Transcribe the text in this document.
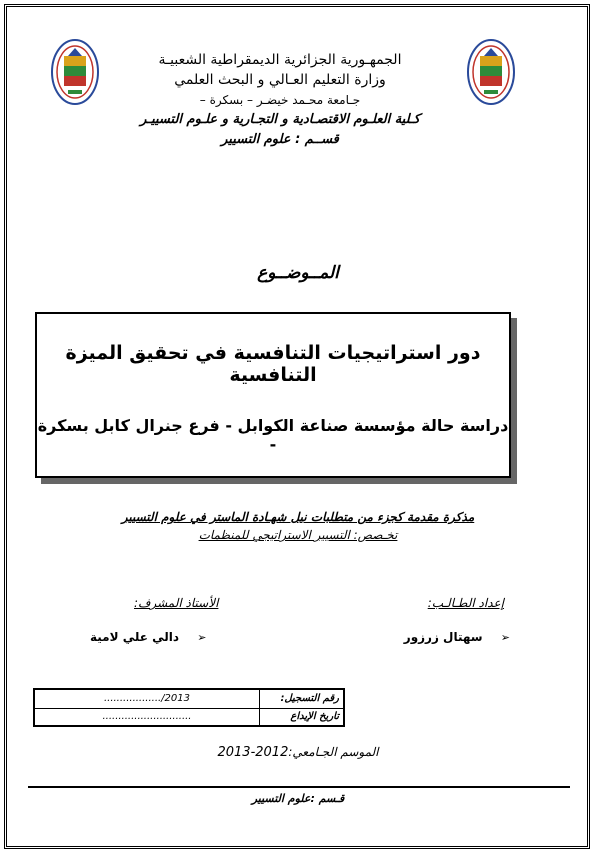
الجمهـورية الجزائرية الديمقراطية الشعبيـة
وزارة التعليم العـالي و البحث العلمي
جـامعة محـمد خيضـر – بسكرة –
كـلية العلـوم الاقتصـادية و التجـارية و علـوم التسييـر
قســم : علوم التسيير
المــوضــوع
دور استراتيجيات التنافسية في تحقيق الميزة التنافسية
دراسة حالة مؤسسة صناعة الكوابل - فرع جنرال كابل بسكرة -
مذكرة مقدمة كجزء من متطلبات نيل شهـادة الماستر في علوم التسيير
تخـصص: التسيير الاستراتيجي للمنظمات
إعداد الطـالـب:
الأستاذ المشرف:
➢ سهتال زرزور
➢ دالي علي لامية
رقم التسجيل:
................../2013
تاريخ الإيداع
............................
الموسم الجـامعي:2012-2013
قـسم :علوم التسيير
